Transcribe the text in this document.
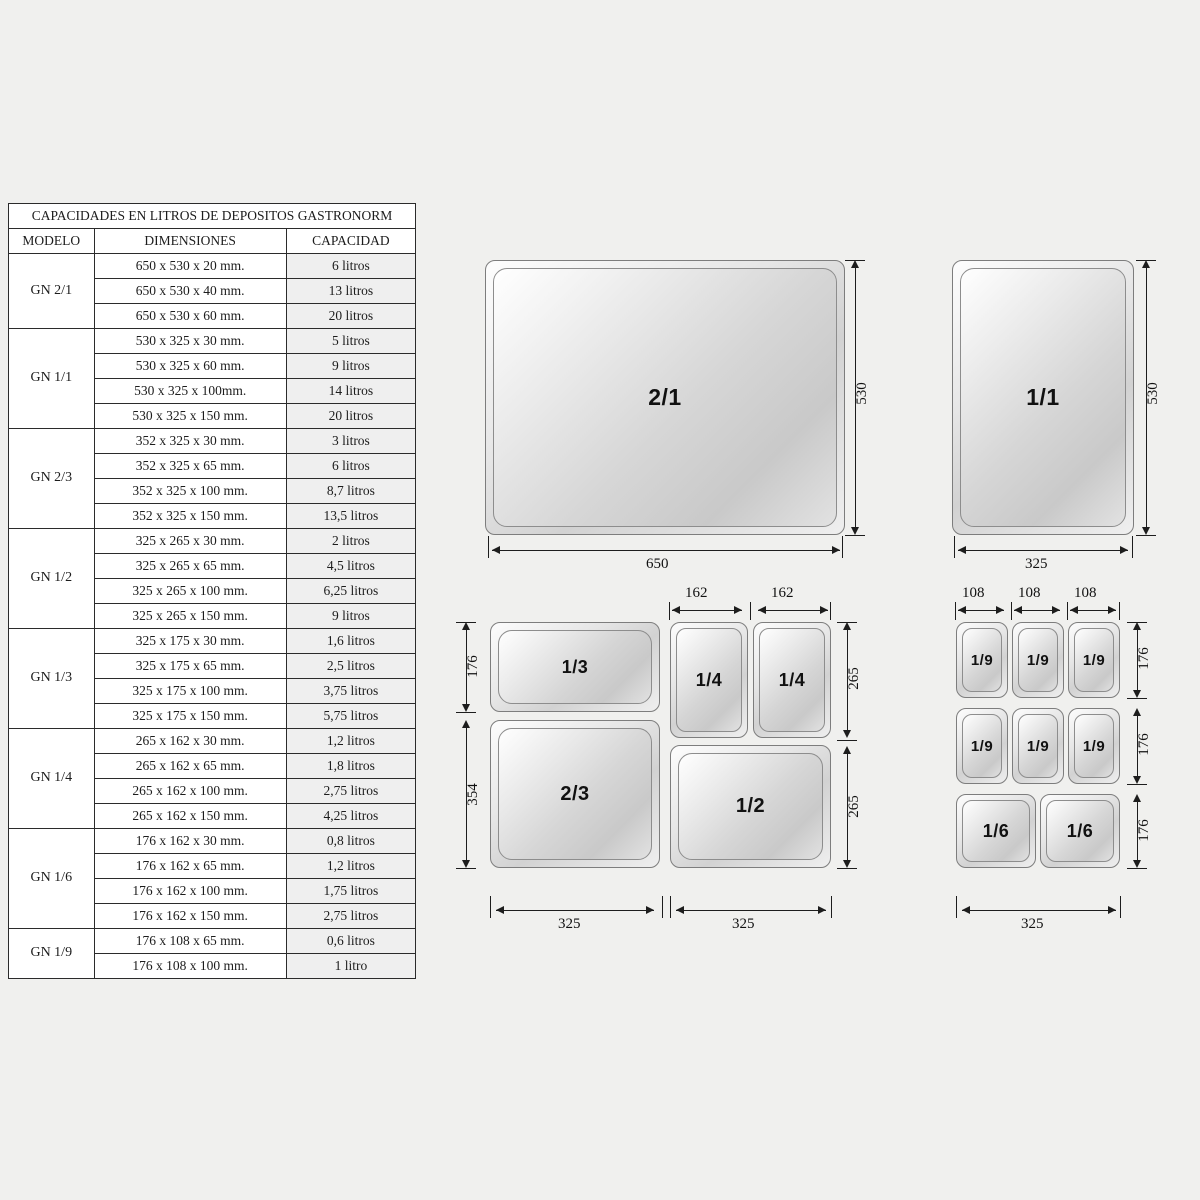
CAPACIDADES EN LITROS DE DEPOSITOS GASTRONORM		
MODELO	DIMENSIONES	CAPACIDAD
GN 2/1	650 x 530 x 20 mm.	6 litros
	650 x 530 x 40 mm.	13 litros
	650 x 530 x 60 mm.	20 litros
GN 1/1	530 x 325 x 30 mm.	5 litros
	530 x 325 x 60 mm.	9 litros
	530 x 325 x 100mm.	14 litros
	530 x 325 x 150 mm.	20 litros
GN 2/3	352 x 325 x 30 mm.	3 litros
	352 x 325 x 65 mm.	6 litros
	352 x 325 x 100 mm.	8,7 litros
	352 x 325 x 150 mm.	13,5 litros
GN 1/2	325 x 265 x 30 mm.	2 litros
	325 x 265 x 65 mm.	4,5 litros
	325 x 265 x 100 mm.	6,25 litros
	325 x 265 x 150 mm.	9 litros
GN 1/3	325 x 175 x 30 mm.	1,6 litros
	325 x 175 x 65 mm.	2,5 litros
	325 x 175 x 100 mm.	3,75 litros
	325 x 175 x 150 mm.	5,75 litros
GN 1/4	265 x 162 x 30 mm.	1,2 litros
	265 x 162 x 65 mm.	1,8 litros
	265 x 162 x 100 mm.	2,75 litros
	265 x 162 x 150 mm.	4,25 litros
GN 1/6	176 x 162 x 30 mm.	0,8 litros
	176 x 162 x 65 mm.	1,2 litros
	176 x 162 x 100 mm.	1,75 litros
	176 x 162 x 150 mm.	2,75 litros
GN 1/9	176 x 108 x 65 mm.	0,6 litros
	176 x 108 x 100 mm.	1 litro
2/1
650
530	1/1
325
530
162	162
1/3
1/4	1/4
2/3
1/2
176
354
265
265
325	325
108 108 108
1/9 1/9 1/9
1/9 1/9 1/9
1/6	1/6
176
176
176
325
